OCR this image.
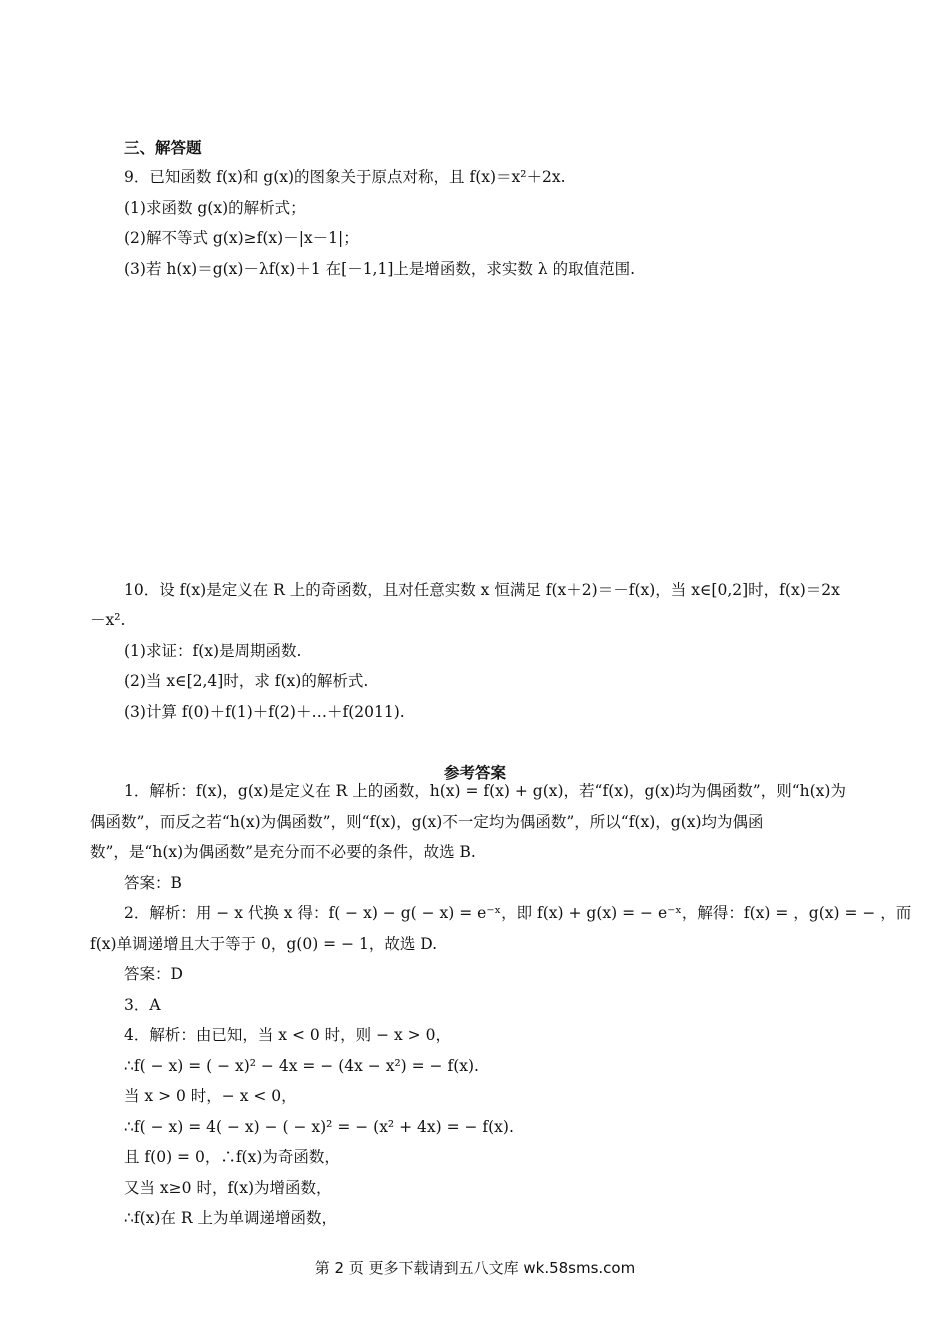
三、解答题
9．已知函数 f(x)和 g(x)的图象关于原点对称，且 f(x)＝x²＋2x.
(1)求函数 g(x)的解析式；
(2)解不等式 g(x)≥f(x)－|x－1|；
(3)若 h(x)＝g(x)－λf(x)＋1 在[－1,1]上是增函数，求实数 λ 的取值范围.
10．设 f(x)是定义在 R 上的奇函数，且对任意实数 x 恒满足 f(x＋2)＝－f(x)，当 x∈[0,2]时，f(x)＝2x
－x².
(1)求证：f(x)是周期函数.
(2)当 x∈[2,4]时，求 f(x)的解析式.
(3)计算 f(0)＋f(1)＋f(2)＋…＋f(2011).
参考答案
1．解析：f(x)，g(x)是定义在 R 上的函数，h(x) = f(x) + g(x)，若“f(x)，g(x)均为偶函数”，则“h(x)为
偶函数”，而反之若“h(x)为偶函数”，则“f(x)，g(x)不一定均为偶函数”，所以“f(x)，g(x)均为偶函
数”，是“h(x)为偶函数”是充分而不必要的条件，故选 B.
答案：B
2．解析：用 − x 代换 x 得：f( − x) − g( − x) = e⁻ˣ，即 f(x) + g(x) = − e⁻ˣ，解得：f(x) = ，g(x) = − ，而
f(x)单调递增且大于等于 0，g(0) = − 1，故选 D.
答案：D
3．A
4．解析：由已知，当 x < 0 时，则 − x > 0，
∴f( − x) = ( − x)² − 4x = − (4x − x²) = − f(x).
当 x > 0 时，− x < 0，
∴f( − x) = 4( − x) − ( − x)² = − (x² + 4x) = − f(x).
且 f(0) = 0，∴f(x)为奇函数，
又当 x≥0 时，f(x)为增函数，
∴f(x)在 R 上为单调递增函数，
第 2 页 更多下载请到五八文库 wk.58sms.com
